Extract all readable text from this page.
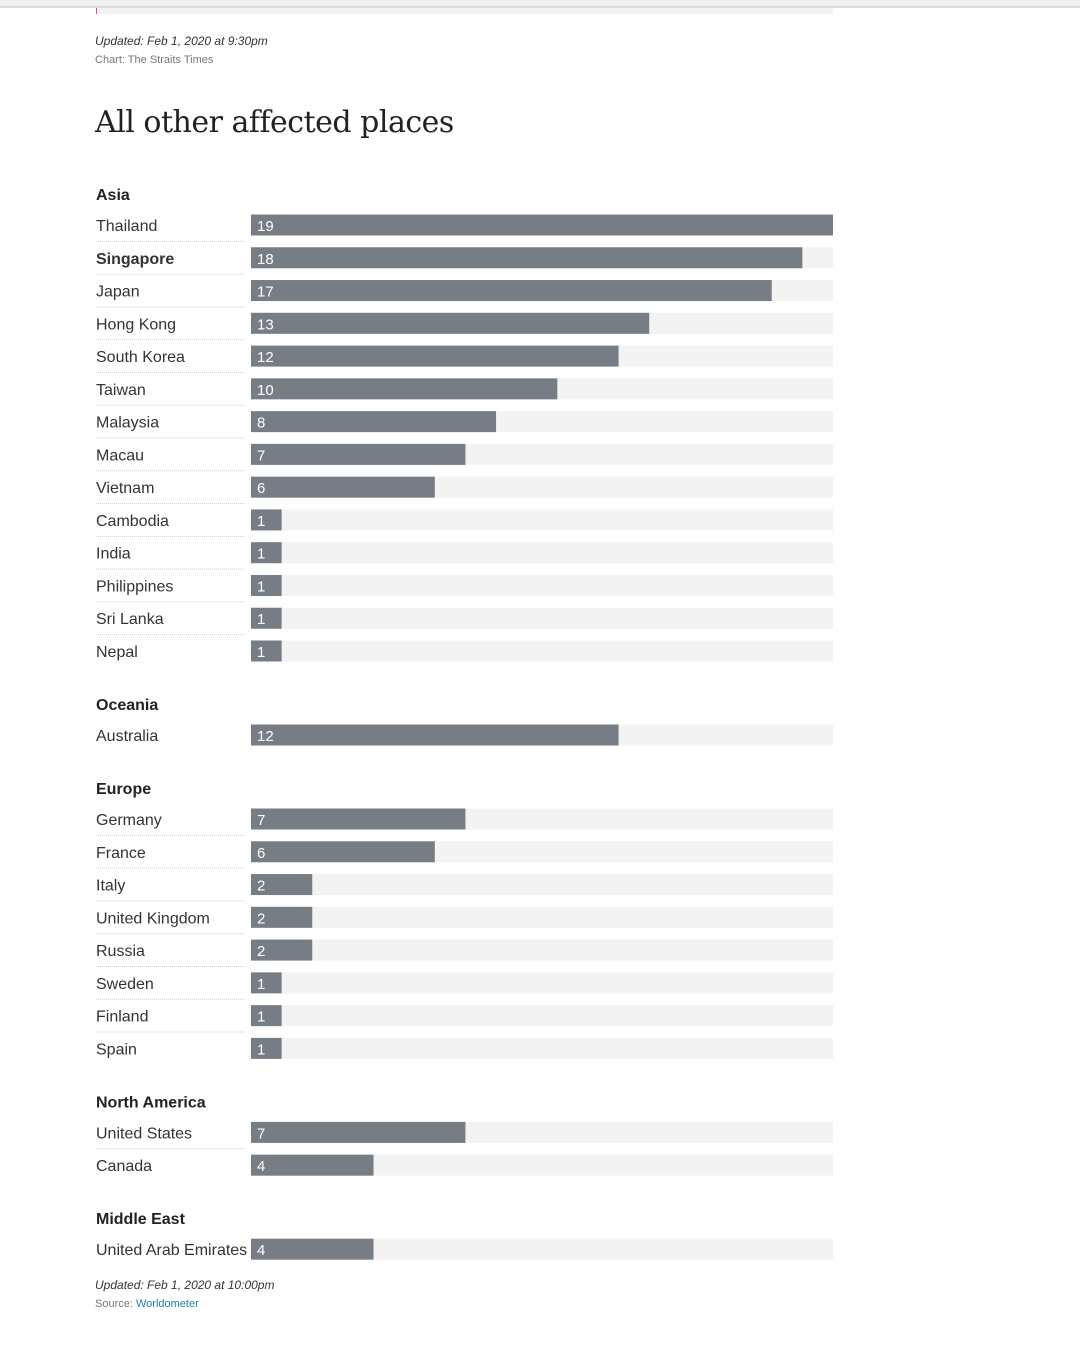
Updated: Feb 1, 2020 at 9:30pm
Chart: The Straits Times
All other affected places
Asia
Thailand	19
Singapore	18
Japan	17
Hong Kong	13
South Korea	12
Taiwan	10
Malaysia	8
Macau	7
Vietnam	6
Cambodia	1
India	1
Philippines	1
Sri Lanka	1
Nepal	1
Oceania
Australia	12
Europe
Germany	7
France	6
Italy	2
United Kingdom	2
Russia	2
Sweden	1
Finland	1
Spain	1
North America
United States	7
Canada	4
Middle East
United Arab Emirates 4
Updated: Feb 1, 2020 at 10:00pm
Source: Worldometer
